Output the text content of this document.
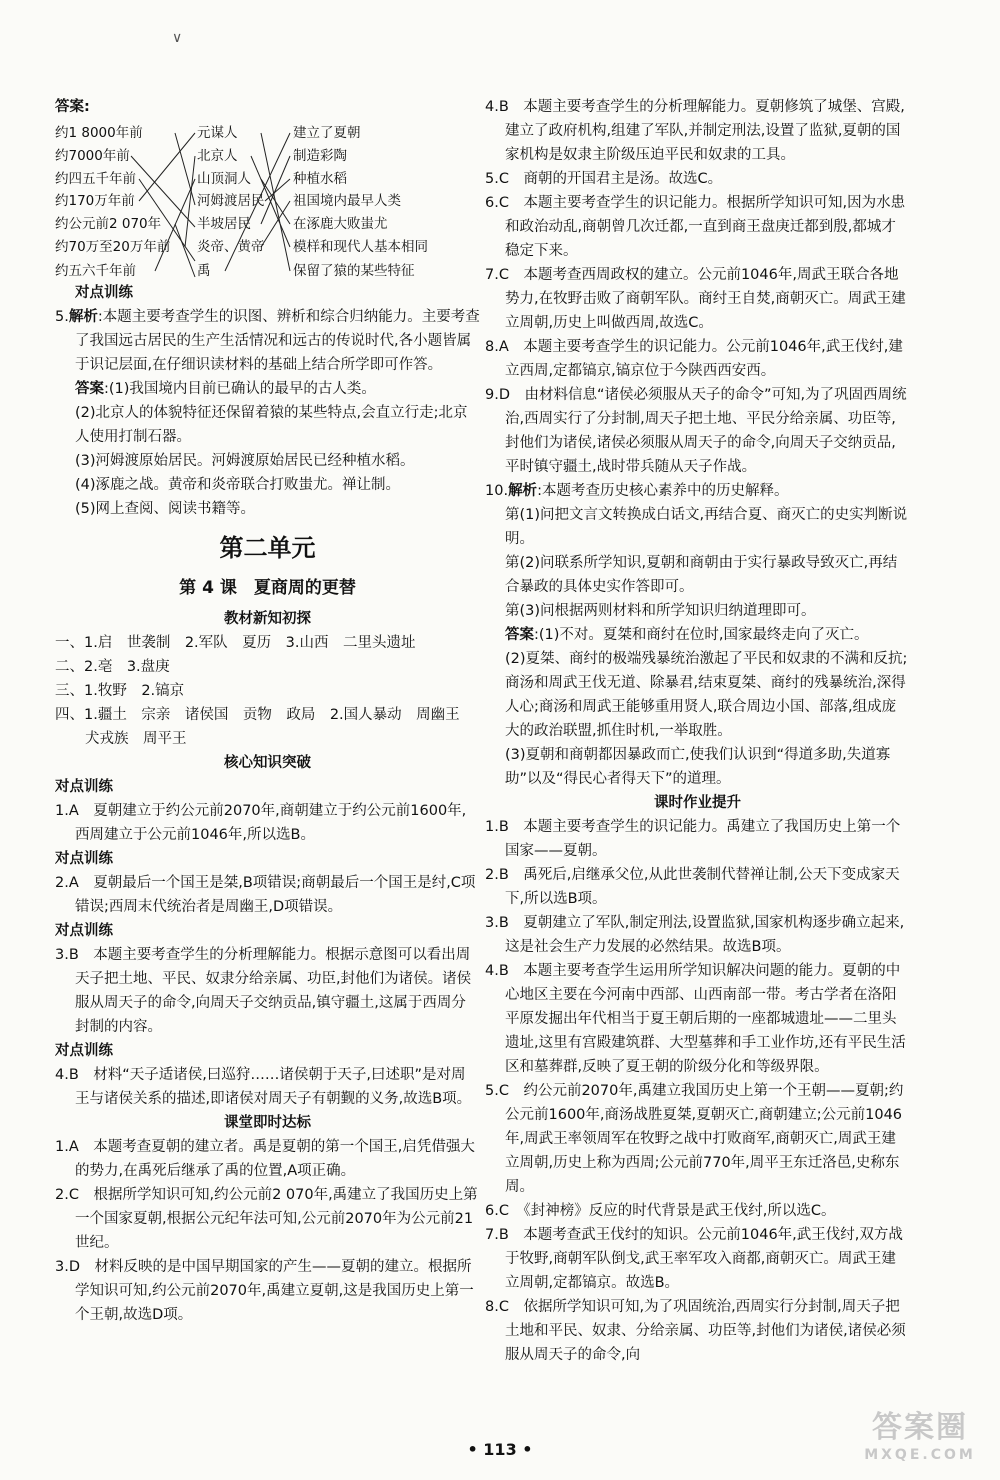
∨

答案:

约1 8000年前
约7000年前
约四五千年前
约170万年前
约公元前2 070年
约70万至20万年前
约五六千年前
元谋人
北京人
山顶洞人
河姆渡居民
半坡居民
炎帝、黄帝
禹
建立了夏朝
制造彩陶
种植水稻
祖国境内最早人类
在涿鹿大败蚩尤
模样和现代人基本相同
保留了猿的某些特征

对点训练

5.解析:本题主要考查学生的识图、辨析和综合归纳能力。主要考查了我国远古居民的生产生活情况和远古的传说时代,各小题皆属于识记层面,在仔细识读材料的基础上结合所学即可作答。

答案:(1)我国境内目前已确认的最早的古人类。

(2)北京人的体貌特征还保留着猿的某些特点,会直立行走;北京人使用打制石器。

(3)河姆渡原始居民。河姆渡原始居民已经种植水稻。

(4)涿鹿之战。黄帝和炎帝联合打败蚩尤。禅让制。

(5)网上查阅、阅读书籍等。

第二单元

第 4 课　夏商周的更替

教材新知初探

一、1.启　世袭制　2.军队　夏历　3.山西　二里头遗址

二、2.亳　3.盘庚

三、1.牧野　2.镐京

四、1.疆土　宗亲　诸侯国　贡物　政局　2.国人暴动　周幽王　犬戎族　周平王

核心知识突破

对点训练

1.A　夏朝建立于约公元前2070年,商朝建立于约公元前1600年,西周建立于公元前1046年,所以选B。

对点训练

2.A　夏朝最后一个国王是桀,B项错误;商朝最后一个国王是纣,C项错误;西周末代统治者是周幽王,D项错误。

对点训练

3.B　本题主要考查学生的分析理解能力。根据示意图可以看出周天子把土地、平民、奴隶分给亲属、功臣,封他们为诸侯。诸侯服从周天子的命令,向周天子交纳贡品,镇守疆土,这属于西周分封制的内容。

对点训练

4.B　材料“天子适诸侯,曰巡狩……诸侯朝于天子,曰述职”是对周王与诸侯关系的描述,即诸侯对周天子有朝觐的义务,故选B项。

课堂即时达标

1.A　本题考查夏朝的建立者。禹是夏朝的第一个国王,启凭借强大的势力,在禹死后继承了禹的位置,A项正确。

2.C　根据所学知识可知,约公元前2 070年,禹建立了我国历史上第一个国家夏朝,根据公元纪年法可知,公元前2070年为公元前21世纪。

3.D　材料反映的是中国早期国家的产生——夏朝的建立。根据所学知识可知,约公元前2070年,禹建立夏朝,这是我国历史上第一个王朝,故选D项。

4.B　本题主要考查学生的分析理解能力。夏朝修筑了城堡、宫殿,建立了政府机构,组建了军队,并制定刑法,设置了监狱,夏朝的国家机构是奴隶主阶级压迫平民和奴隶的工具。

5.C　商朝的开国君主是汤。故选C。

6.C　本题主要考查学生的识记能力。根据所学知识可知,因为水患和政治动乱,商朝曾几次迁都,一直到商王盘庚迁都到殷,都城才稳定下来。

7.C　本题考查西周政权的建立。公元前1046年,周武王联合各地势力,在牧野击败了商朝军队。商纣王自焚,商朝灭亡。周武王建立周朝,历史上叫做西周,故选C。

8.A　本题主要考查学生的识记能力。公元前1046年,武王伐纣,建立西周,定都镐京,镐京位于今陕西西安西。

9.D　由材料信息“诸侯必须服从天子的命令”可知,为了巩固西周统治,西周实行了分封制,周天子把土地、平民分给亲属、功臣等,封他们为诸侯,诸侯必须服从周天子的命令,向周天子交纳贡品,平时镇守疆土,战时带兵随从天子作战。

10.解析:本题考查历史核心素养中的历史解释。

第(1)问把文言文转换成白话文,再结合夏、商灭亡的史实判断说明。

第(2)问联系所学知识,夏朝和商朝由于实行暴政导致灭亡,再结合暴政的具体史实作答即可。

第(3)问根据两则材料和所学知识归纳道理即可。

答案:(1)不对。夏桀和商纣在位时,国家最终走向了灭亡。

(2)夏桀、商纣的极端残暴统治激起了平民和奴隶的不满和反抗;商汤和周武王伐无道、除暴君,结束夏桀、商纣的残暴统治,深得人心;商汤和周武王能够重用贤人,联合周边小国、部落,组成庞大的政治联盟,抓住时机,一举取胜。

(3)夏朝和商朝都因暴政而亡,使我们认识到“得道多助,失道寡助”以及“得民心者得天下”的道理。

课时作业提升

1.B　本题主要考查学生的识记能力。禹建立了我国历史上第一个国家——夏朝。

2.B　禹死后,启继承父位,从此世袭制代替禅让制,公天下变成家天下,所以选B项。

3.B　夏朝建立了军队,制定刑法,设置监狱,国家机构逐步确立起来,这是社会生产力发展的必然结果。故选B项。

4.B　本题主要考查学生运用所学知识解决问题的能力。夏朝的中心地区主要在今河南中西部、山西南部一带。考古学者在洛阳平原发掘出年代相当于夏王朝后期的一座都城遗址——二里头遗址,这里有宫殿建筑群、大型墓葬和手工业作坊,还有平民生活区和墓葬群,反映了夏王朝的阶级分化和等级界限。

5.C　约公元前2070年,禹建立我国历史上第一个王朝——夏朝;约公元前1600年,商汤战胜夏桀,夏朝灭亡,商朝建立;公元前1046年,周武王率领周军在牧野之战中打败商军,商朝灭亡,周武王建立周朝,历史上称为西周;公元前770年,周平王东迁洛邑,史称东周。

6.C　《封神榜》反应的时代背景是武王伐纣,所以选C。

7.B　本题考查武王伐纣的知识。公元前1046年,武王伐纣,双方战于牧野,商朝军队倒戈,武王率军攻入商都,商朝灭亡。周武王建立周朝,定都镐京。故选B。

8.C　依据所学知识可知,为了巩固统治,西周实行分封制,周天子把土地和平民、奴隶、分给亲属、功臣等,封他们为诸侯,诸侯必须服从周天子的命令,向

• 113 •
答案圈
MXQE.COM
